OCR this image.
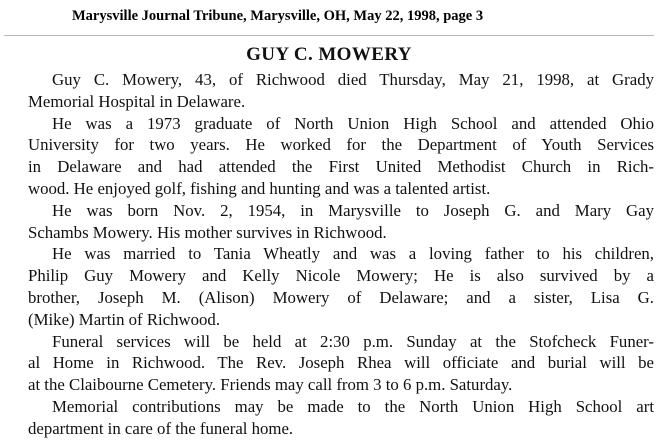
Marysville Journal Tribune, Marysville, OH, May 22, 1998, page 3
GUY C. MOWERY
Guy C. Mowery, 43, of Richwood died Thursday, May 21, 1998, at Grady
Memorial Hospital in Delaware.
He was a 1973 graduate of North Union High School and attended Ohio
University for two years. He worked for the Department of Youth Services
in Delaware and had attended the First United Methodist Church in Rich-
wood. He enjoyed golf, fishing and hunting and was a talented artist.
He was born Nov. 2, 1954, in Marysville to Joseph G. and Mary Gay
Schambs Mowery. His mother survives in Richwood.
He was married to Tania Wheatly and was a loving father to his children,
Philip Guy Mowery and Kelly Nicole Mowery; He is also survived by a
brother, Joseph M. (Alison) Mowery of Delaware; and a sister, Lisa G.
(Mike) Martin of Richwood.
Funeral services will be held at 2:30 p.m. Sunday at the Stofcheck Funer-
al Home in Richwood. The Rev. Joseph Rhea will officiate and burial will be
at the Claibourne Cemetery. Friends may call from 3 to 6 p.m. Saturday.
Memorial contributions may be made to the North Union High School art
department in care of the funeral home.
